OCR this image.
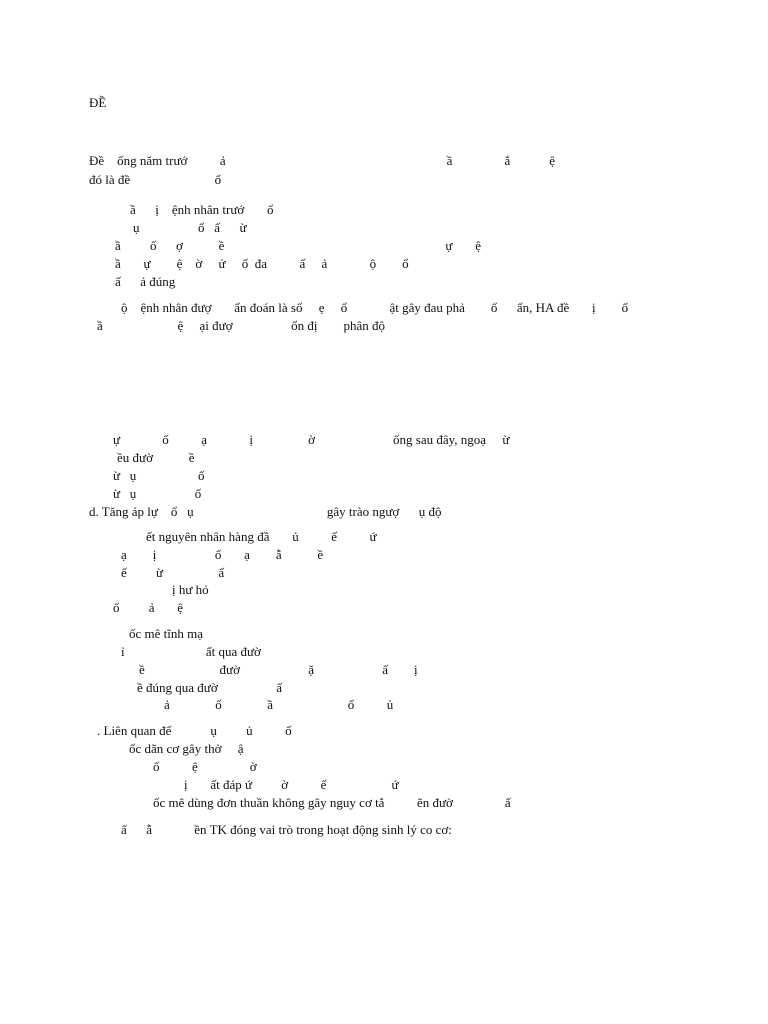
ĐỀ
Đề    ống năm trướ          ả                                                                    ầ                ắ            ệ
đó là đề                          ố
ầ      ị    ệnh nhân trướ       ổ
ụ                  ổ   ấ      ừ
ầ         ố      ợ           ề                                                                    ự       ệ
ầ       ự        ệ    ờ     ử     ố  đa          ấ     ả             ộ        ổ
ấ      ả đúng
ộ    ệnh nhân đượ       ẩn đoán là số     ẹ     ổ             ật gây đau phả        ổ      ẩn, HA đề       ị        ố
ầ                       ệ     ại đượ                  ổn đị        phân độ
ự             ố          ạ             ị                 ờ                        ống sau đây, ngoạ     ừ
ều đườ           ề
ừ   ụ                   ố
ừ   ụ                  ố
d. Tăng áp lự    ổ   ụ                                         gây trào ngượ      ụ độ
ết nguyên nhân hàng đầ       ủ          ế          ứ
ạ        ị                  ố       ạ        ẫ           ề
ế         ừ                 ấ
ị hư hỏ
ố         ả       ệ
ốc mê tĩnh mạ
ỉ                         ất qua đườ
ề                       đườ                     ặ                     ấ        ị
ề đúng qua đườ                  ấ
ả              ố              ầ                       ố          ủ
. Liên quan đế            ụ         ủ          ố
ốc dãn cơ gây thở     ậ
ố          ệ                ờ
ị       ất đáp ứ         ờ          ế                    ứ
ốc mê dùng đơn thuần không gây nguy cơ tắ          ẽn đườ                ấ
ấ      ẫ             ền TK đóng vai trò trong hoạt động sinh lý co cơ:
